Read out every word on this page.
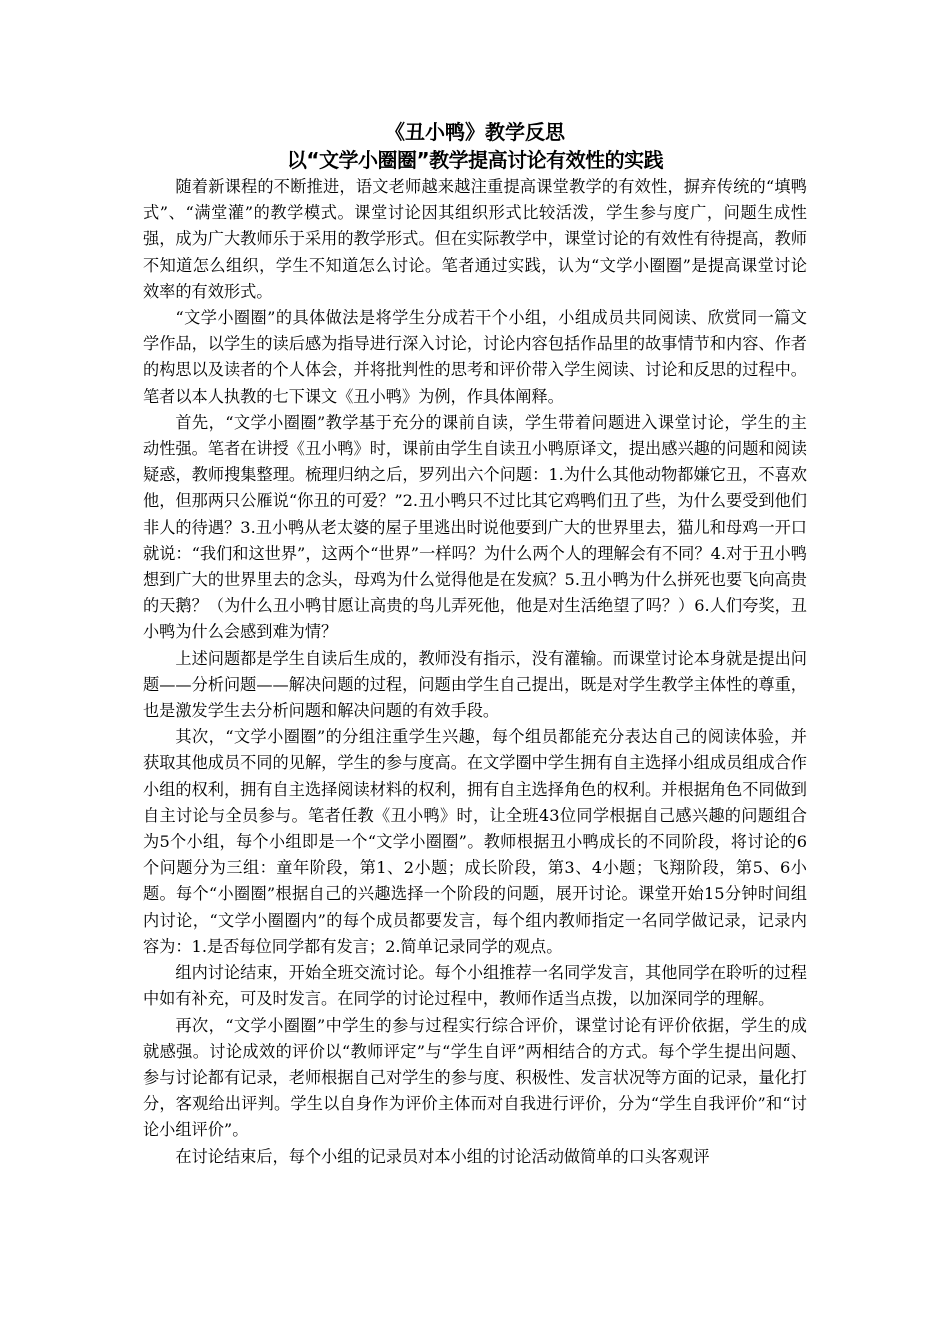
《丑小鸭》教学反思
以“文学小圈圈”教学提高讨论有效性的实践

随着新课程的不断推进，语文老师越来越注重提高课堂教学的有效性，摒弃传统的“填鸭式”、“满堂灌”的教学模式。课堂讨论因其组织形式比较活泼，学生参与度广，问题生成性强，成为广大教师乐于采用的教学形式。但在实际教学中，课堂讨论的有效性有待提高，教师不知道怎么组织，学生不知道怎么讨论。笔者通过实践，认为“文学小圈圈”是提高课堂讨论效率的有效形式。

“文学小圈圈”的具体做法是将学生分成若干个小组，小组成员共同阅读、欣赏同一篇文学作品，以学生的读后感为指导进行深入讨论，讨论内容包括作品里的故事情节和内容、作者的构思以及读者的个人体会，并将批判性的思考和评价带入学生阅读、讨论和反思的过程中。笔者以本人执教的七下课文《丑小鸭》为例，作具体阐释。

首先，“文学小圈圈”教学基于充分的课前自读，学生带着问题进入课堂讨论，学生的主动性强。笔者在讲授《丑小鸭》时，课前由学生自读丑小鸭原译文，提出感兴趣的问题和阅读疑惑，教师搜集整理。梳理归纳之后，罗列出六个问题：1.为什么其他动物都嫌它丑，不喜欢他，但那两只公雁说“你丑的可爱？”2.丑小鸭只不过比其它鸡鸭们丑了些，为什么要受到他们非人的待遇？3.丑小鸭从老太婆的屋子里逃出时说他要到广大的世界里去，猫儿和母鸡一开口就说：“我们和这世界”，这两个“世界”一样吗？为什么两个人的理解会有不同？4.对于丑小鸭想到广大的世界里去的念头，母鸡为什么觉得他是在发疯？5.丑小鸭为什么拼死也要飞向高贵的天鹅？（为什么丑小鸭甘愿让高贵的鸟儿弄死他，他是对生活绝望了吗？）6.人们夸奖，丑小鸭为什么会感到难为情？

上述问题都是学生自读后生成的，教师没有指示，没有灌输。而课堂讨论本身就是提出问题——分析问题——解决问题的过程，问题由学生自己提出，既是对学生教学主体性的尊重，也是激发学生去分析问题和解决问题的有效手段。

其次，“文学小圈圈”的分组注重学生兴趣，每个组员都能充分表达自己的阅读体验，并获取其他成员不同的见解，学生的参与度高。在文学圈中学生拥有自主选择小组成员组成合作小组的权利，拥有自主选择阅读材料的权利，拥有自主选择角色的权利。并根据角色不同做到自主讨论与全员参与。笔者任教《丑小鸭》时，让全班43位同学根据自己感兴趣的问题组合为5个小组，每个小组即是一个“文学小圈圈”。教师根据丑小鸭成长的不同阶段，将讨论的6个问题分为三组：童年阶段，第1、2小题；成长阶段，第3、4小题；飞翔阶段，第5、6小题。每个“小圈圈”根据自己的兴趣选择一个阶段的问题，展开讨论。课堂开始15分钟时间组内讨论，“文学小圈圈内”的每个成员都要发言，每个组内教师指定一名同学做记录，记录内容为：1.是否每位同学都有发言；2.简单记录同学的观点。

组内讨论结束，开始全班交流讨论。每个小组推荐一名同学发言，其他同学在聆听的过程中如有补充，可及时发言。在同学的讨论过程中，教师作适当点拨，以加深同学的理解。

再次，“文学小圈圈”中学生的参与过程实行综合评价，课堂讨论有评价依据，学生的成就感强。讨论成效的评价以“教师评定”与“学生自评”两相结合的方式。每个学生提出问题、参与讨论都有记录，老师根据自己对学生的参与度、积极性、发言状况等方面的记录，量化打分，客观给出评判。学生以自身作为评价主体而对自我进行评价，分为“学生自我评价”和“讨论小组评价”。

在讨论结束后，每个小组的记录员对本小组的讨论活动做简单的口头客观评
